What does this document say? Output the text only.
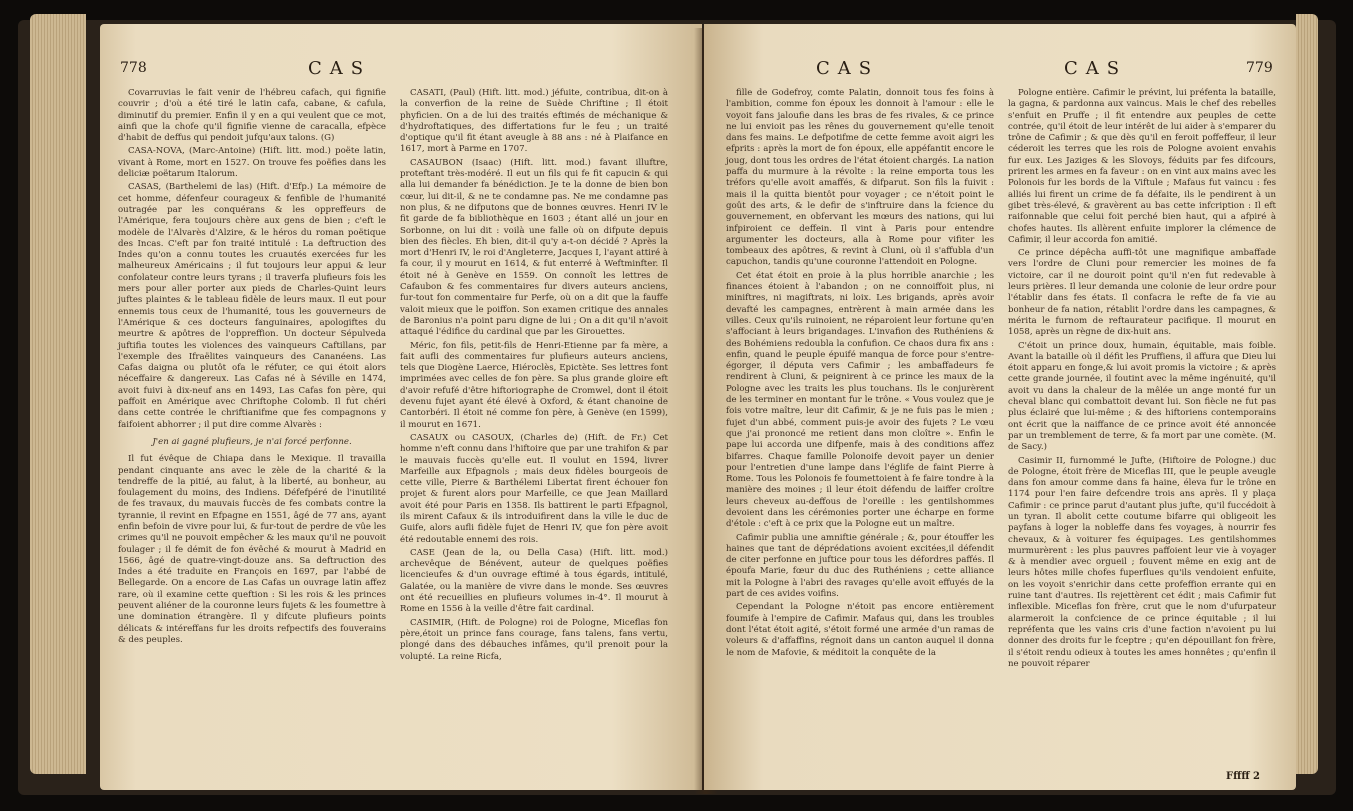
778	CAS

Covarruvias le fait venir de l'hébreu cafach, qui fignifie couvrir ; d'où a été tiré le latin cafa, cabane, & cafula, diminutif du premier. Enfin il y en a qui veulent que ce mot, ainfi que la chofe qu'il fignifie vienne de caracalla, efpèce d'habit de deffus qui pendoit jufqu'aux talons. (G)

CASA-NOVA, (Marc-Antoine) (Hift. litt. mod.) poëte latin, vivant à Rome, mort en 1527. On trouve fes poëfies dans les deliciæ poëtarum Italorum.

CASAS, (Barthelemi de las) (Hift. d'Efp.) La mémoire de cet homme, défenfeur courageux & fenfible de l'humanité outragée par les conquérans & les oppreffeurs de l'Amérique, fera toujours chère aux gens de bien ; c'eft le modèle de l'Alvarès d'Alzire, & le héros du roman poëtique des Incas. C'eft par fon traité intitulé : La deftruction des Indes qu'on a connu toutes les cruautés exercées fur les malheureux Américains ; il fut toujours leur appui & leur confolateur contre leurs tyrans ; il traverfa plufieurs fois les mers pour aller porter aux pieds de Charles-Quint leurs juftes plaintes & le tableau fidèle de leurs maux. Il eut pour ennemis tous ceux de l'humanité, tous les gouverneurs de l'Amérique & ces docteurs fanguinaires, apologiftes du meurtre & apôtres de l'oppreffion. Un docteur Sépulveda juftifia toutes les violences des vainqueurs Caftillans, par l'exemple des Ifraëlites vainqueurs des Cananéens. Las Cafas daigna ou plutôt ofa le réfuter, ce qui étoit alors néceffaire & dangereux. Las Cafas né à Séville en 1474, avoit fuivi à dix-neuf ans en 1493, Las Cafas fon père, qui paffoit en Amérique avec Chriftophe Colomb. Il fut chéri dans cette contrée le chriftianifme que fes compagnons y faifoient abhorrer ; il put dire comme Alvarès :

J'en ai gagné plufieurs, je n'ai forcé perfonne.

Il fut évêque de Chiapa dans le Mexique. Il travailla pendant cinquante ans avec le zèle de la charité & la tendreffe de la pitié, au falut, à la liberté, au bonheur, au foulagement du moins, des Indiens. Défefpéré de l'inutilité de fes travaux, du mauvais fuccès de fes combats contre la tyrannie, il revint en Efpagne en 1551, âgé de 77 ans, ayant enfin befoin de vivre pour lui, & fur-tout de perdre de vûe les crimes qu'il ne pouvoit empêcher & les maux qu'il ne pouvoit foulager ; il fe démit de fon évêché & mourut à Madrid en 1566, âgé de quatre-vingt-douze ans. Sa deftruction des Indes a été traduite en François en 1697, par l'abbé de Bellegarde. On a encore de Las Cafas un ouvrage latin affez rare, où il examine cette queftion : Si les rois & les princes peuvent aliéner de la couronne leurs fujets & les foumettre à une domination étrangère. Il y difcute plufieurs points délicats & intéreffans fur les droits refpectifs des fouverains & des peuples.

CASATI, (Paul) (Hift. litt. mod.) jéfuite, contribua, dit-on à la converfion de la reine de Suède Chriftine ; Il étoit phyficien. On a de lui des traités eftimés de méchanique & d'hydroftatiques, des differtations fur le feu ; un traité d'optique qu'il fit étant aveugle à 88 ans : né à Plaifance en 1617, mort à Parme en 1707.

CASAUBON (Isaac) (Hift. litt. mod.) favant illuftre, proteftant très-modéré. Il eut un fils qui fe fit capucin & qui alla lui demander fa bénédiction. Je te la donne de bien bon cœur, lui dit-il, & ne te condamne pas. Ne me condamne pas non plus, & ne difputons que de bonnes œuvres. Henri IV le fit garde de fa bibliothèque en 1603 ; étant allé un jour en Sorbonne, on lui dit : voilà une falle où on difpute depuis bien des fiècles. Eh bien, dit-il qu'y a-t-on décidé ? Après la mort d'Henri IV, le roi d'Angleterre, Jacques I, l'ayant attiré à fa cour, il y mourut en 1614, & fut enterré à Weftminfter. Il étoit né à Genève en 1559. On connoît les lettres de Cafaubon & fes commentaires fur divers auteurs anciens, fur-tout fon commentaire fur Perfe, où on a dit que la fauffe valoit mieux que le poiffon. Son examen critique des annales de Baronius n'a point paru digne de lui ; On a dit qu'il n'avoit attaqué l'édifice du cardinal que par les Girouettes.

Méric, fon fils, petit-fils de Henri-Etienne par fa mère, a fait aufli des commentaires fur plufieurs auteurs anciens, tels que Diogène Laerce, Hiéroclès, Epictète. Ses lettres font imprimées avec celles de fon père. Sa plus grande gloire eft d'avoir refufé d'être hiftoriographe de Cromwel, dont il étoit devenu fujet ayant été élevé à Oxford, & étant chanoine de Cantorbéri. Il étoit né comme fon père, à Genève (en 1599), il mourut en 1671.

CASAUX ou CASOUX, (Charles de) (Hift. de Fr.) Cet homme n'eft connu dans l'hiftoire que par une trahifon & par le mauvais fuccès qu'elle eut. Il voulut en 1594, livrer Marfeille aux Efpagnols ; mais deux fidèles bourgeois de cette ville, Pierre & Barthélemi Libertat firent échouer fon projet & furent alors pour Marfeille, ce que Jean Maillard avoit été pour Paris en 1358. Ils battirent le parti Efpagnol, ils mirent Cafaux & ils introduifirent dans la ville le duc de Guife, alors aufli fidèle fujet de Henri IV, que fon père avoit été redoutable ennemi des rois.

CASE (Jean de la, ou Della Casa) (Hift. litt. mod.) archevêque de Bénévent, auteur de quelques poëfies licencieufes & d'un ouvrage eftimé à tous égards, intitulé, Galatée, ou la manière de vivre dans le monde. Ses œuvres ont été recueillies en plufieurs volumes in-4°. Il mourut à Rome en 1556 à la veille d'être fait cardinal.

CASIMIR, (Hift. de Pologne) roi de Pologne, Miceflas fon père,étoit un prince fans courage, fans talens, fans vertu, plongé dans des débauches infâmes, qu'il prenoit pour la volupté. La reine Ricfa,

CAS	CAS	779

fille de Godefroy, comte Palatin, donnoit tous fes foins à l'ambition, comme fon époux les donnoit à l'amour : elle le voyoit fans jaloufie dans les bras de fes rivales, & ce prince ne lui envioit pas les rênes du gouvernement qu'elle tenoit dans fes mains. Le defpotifme de cette femme avoit aigri les efprits : après la mort de fon époux, elle appéfantit encore le joug, dont tous les ordres de l'état étoient chargés. La nation paffa du murmure à la révolte : la reine emporta tous les tréfors qu'elle avoit amaffés, & difparut. Son fils la fuivit : mais il la quitta bientôt pour voyager ; ce n'étoit point le goût des arts, & le defir de s'inftruire dans la fcience du gouvernement, en obfervant les mœurs des nations, qui lui infpiroient ce deffein. Il vint à Paris pour entendre argumenter les docteurs, alla à Rome pour vifiter les tombeaux des apôtres, & revint à Cluni, où il s'affubla d'un capuchon, tandis qu'une couronne l'attendoit en Pologne.

Cet état étoit en proie à la plus horrible anarchie ; les finances étoient à l'abandon ; on ne connoiffoit plus, ni miniftres, ni magiftrats, ni loix. Les brigands, après avoir devafté les campagnes, entrèrent à main armée dans les villes. Ceux qu'ils ruinoient, ne réparoient leur fortune qu'en s'affociant à leurs brigandages. L'invafion des Ruthéniens & des Bohémiens redoubla la confufion. Ce chaos dura fix ans : enfin, quand le peuple épuifé manqua de force pour s'entre-égorger, il députa vers Cafimir ; les ambaffadeurs fe rendirent à Cluni, & peignirent à ce prince les maux de la Pologne avec les traits les plus touchans. Ils le conjurèrent de les terminer en montant fur le trône. « Vous voulez que je fois votre maître, leur dit Cafimir, & je ne fuis pas le mien ; fujet d'un abbé, comment puis-je avoir des fujets ? Le vœu que j'ai prononcé me retient dans mon cloître ». Enfin le pape lui accorda une difpenfe, mais à des conditions affez bifarres. Chaque famille Polonoife devoit payer un denier pour l'entretien d'une lampe dans l'églife de faint Pierre à Rome. Tous les Polonois fe foumettoient à fe faire tondre à la manière des moines ; il leur étoit défendu de laiffer croître leurs cheveux au-deffous de l'oreille : les gentilshommes devoient dans les cérémonies porter une écharpe en forme d'étole : c'eft à ce prix que la Pologne eut un maître.

Cafimir publia une amniftie générale ; &, pour étouffer les haines que tant de déprédations avoient excitées,il défendit de citer perfonne en juftice pour tous les défordres paffés. Il époufa Marie, fœur du duc des Ruthéniens ; cette alliance mit la Pologne à l'abri des ravages qu'elle avoit effuyés de la part de ces avides voifins.

Cependant la Pologne n'étoit pas encore entièrement foumife à l'empire de Cafimir. Mafaus qui, dans les troubles dont l'état étoit agité, s'étoit formé une armée d'un ramas de voleurs & d'affaffins, régnoit dans un canton auquel il donna le nom de Mafovie, & méditoit la conquête de la

Pologne entière. Cafimir le prévint, lui préfenta la bataille, la gagna, & pardonna aux vaincus. Mais le chef des rebelles s'enfuit en Pruffe ; il fit entendre aux peuples de cette contrée, qu'il étoit de leur intérêt de lui aider à s'emparer du trône de Cafimir ; & que dès qu'il en feroit poffeffeur, il leur céderoit les terres que les rois de Pologne avoient envahis fur eux. Les Jaziges & les Slovoys, féduits par fes difcours, prirent les armes en fa faveur : on en vint aux mains avec les Polonois fur les bords de la Viftule ; Mafaus fut vaincu : fes alliés lui firent un crime de fa défaite, ils le pendirent à un gibet très-élevé, & gravèrent au bas cette infcription : Il eft raifonnable que celui foit perché bien haut, qui a afpiré à chofes hautes. Ils allèrent enfuite implorer la clémence de Cafimir, il leur accorda fon amitié.

Ce prince dépêcha auffi-tôt une magnifique ambaffade vers l'ordre de Cluni pour remercier les moines de fa victoire, car il ne douroit point qu'il n'en fut redevable à leurs prières. Il leur demanda une colonie de leur ordre pour l'établir dans fes états. Il confacra le refte de fa vie au bonheur de fa nation, rétablit l'ordre dans les campagnes, & mérita le furnom de reftaurateur pacifique. Il mourut en 1058, après un règne de dix-huit ans.

C'étoit un prince doux, humain, équitable, mais foible. Avant la bataille où il défit les Pruffiens, il affura que Dieu lui étoit apparu en fonge,& lui avoit promis la victoire ; & après cette grande journée, il foutint avec la même ingénuité, qu'il avoit vu dans la chaleur de la mêlée un ange monté fur un cheval blanc qui combattoit devant lui. Son fiècle ne fut pas plus éclairé que lui-même ; & des hiftoriens contemporains ont écrit que la naiffance de ce prince avoit été annoncée par un tremblement de terre, & fa mort par une comète. (M. de Sacy.)

Casimir II, furnommé le Jufte, (Hiftoire de Pologne.) duc de Pologne, étoit frère de Miceflas III, que le peuple aveugle dans fon amour comme dans fa haine, éleva fur le trône en 1174 pour l'en faire defcendre trois ans après. Il y plaça Cafimir : ce prince parut d'autant plus jufte, qu'il fuccédoit à un tyran. Il abolit cette coutume bifarre qui obligeoit les payfans à loger la nobleffe dans fes voyages, à nourrir fes chevaux, & à voiturer fes équipages. Les gentilshommes murmurèrent : les plus pauvres paffoient leur vie à voyager & à mendier avec orgueil ; fouvent même en exig ant de leurs hôtes mille chofes fuperflues qu'ils vendoient enfuite, on les voyoit s'enrichir dans cette profeffion errante qui en ruine tant d'autres. Ils rejettèrent cet édit ; mais Cafimir fut inflexible. Miceflas fon frère, crut que le nom d'ufurpateur alarmeroit la confcience de ce prince équitable ; il lui repréfenta que les vains cris d'une faction n'avoient pu lui donner des droits fur le fceptre ; qu'en dépouillant fon frère, il s'étoit rendu odieux à toutes les ames honnêtes ; qu'enfin il ne pouvoit réparer

Fffff 2
